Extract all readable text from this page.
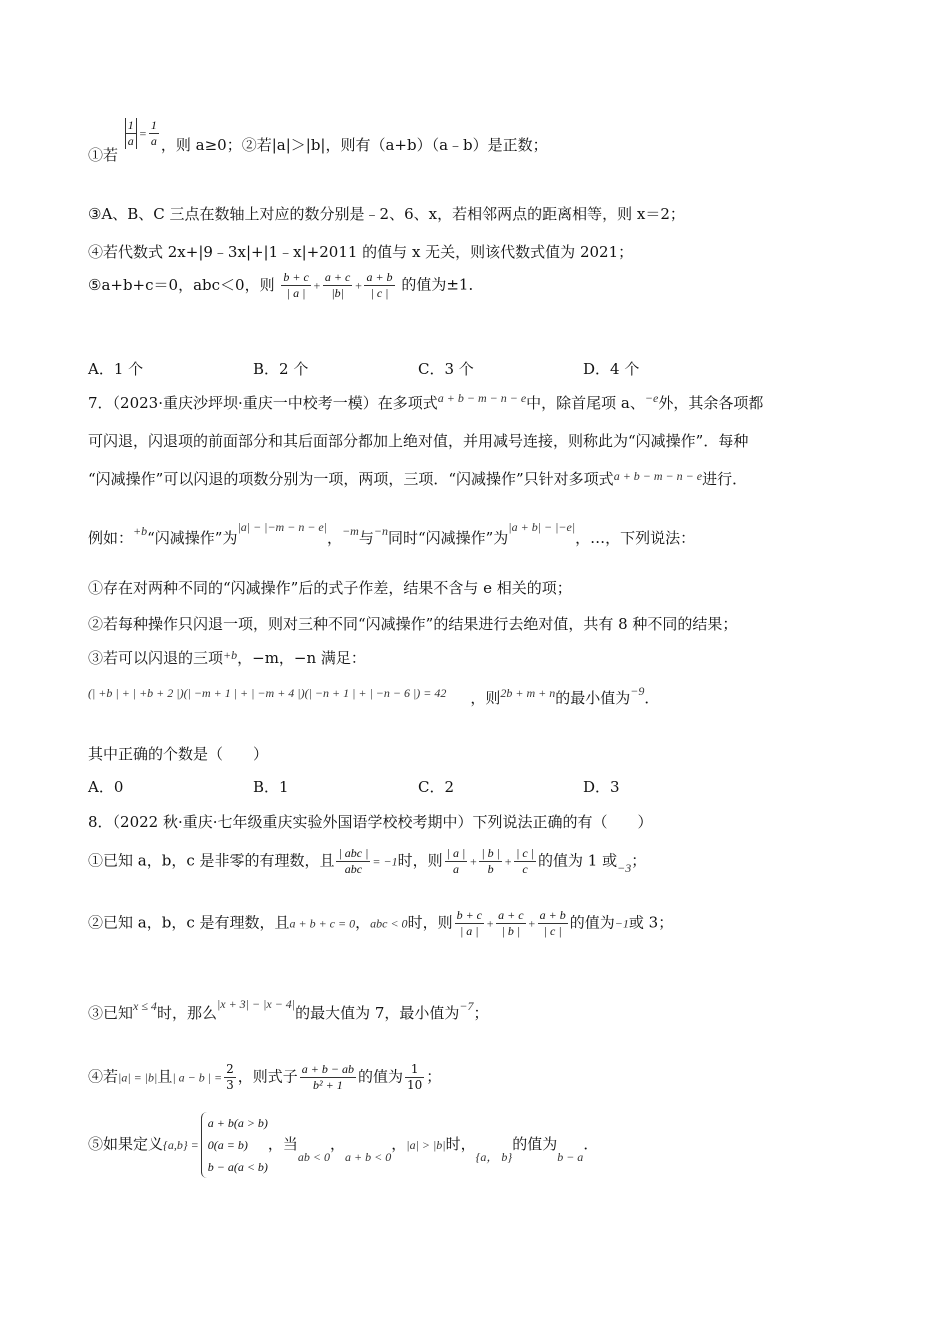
①若
$\frac{1}{a} = \frac{1}{a}$ ，则 a≥0；②若|a|＞|b|，则有（a+b）（a﹣b）是正数；
③A、B、C 三点在数轴上对应的数分别是﹣2、6、x，若相邻两点的距离相等，则 x＝2；
④若代数式 2x+|9﹣3x|+|1﹣x|+2011 的值与 x 无关，则该代数式值为 2021；
⑤a+b+c＝0，abc＜0，则 $\frac{b + c}{| a |} + \frac{a + c}{|b|} + \frac{a + b}{| c |}$ 的值为±1．
A．1 个	B．2 个	C．3 个	D．4 个
7．（2023·重庆沙坪坝·重庆一中校考一模）在多项式$^{a + b - m - n - e}$中，除首尾项 a、$^{-e}$外，其余各项都
可闪退，闪退项的前面部分和其后面部分都加上绝对值，并用减号连接，则称此为“闪减操作”．每种
“闪减操作”可以闪退的项数分别为一项，两项，三项．“闪减操作”只针对多项式$^{a + b - m - n - e}$进行．
例如：$^{+b}$“闪减操作”为$^{|a| - |-m - n - e|}$，$^{-m}$与$^{-n}$同时“闪减操作”为$^{|a + b| - |-e|}$，…，下列说法：
①存在对两种不同的“闪减操作”后的式子作差，结果不含与 e 相关的项；
②若每种操作只闪退一项，则对三种不同“闪减操作”的结果进行去绝对值，共有 8 种不同的结果；
③若可以闪退的三项$^{+b}$，−m，−n 满足：
$^{(| +b | + | +b + 2 |)(| -m + 1 | + | -m + 4 |)(| -n + 1 | + | -n - 6 |) = 42}$ ，则$^{2b + m + n}$的最小值为$^{-9}$．
其中正确的个数是（　　）
A．0	B．1	C．2	D．3
8．（2022 秋·重庆·七年级重庆实验外国语学校校考期中）下列说法正确的有（　　）
①已知 a，b，c 是非零的有理数，且 $\frac{\text{| abc |}}{\text{abc}} = -1$时，则 $\frac{| a |}{a} + \frac{| b |}{b} + \frac{| c |}{c}$ 的值为 1 或$_{-3}$；
②已知 a，b，c 是有理数，且a + b + c = 0，abc < 0时，则 $\frac{b + c}{| a |} + \frac{a + c}{| b |} + \frac{a + b}{| c |}$ 的值为−1或 3；
③已知$^{x \le 4}$时，那么$^{|x + 3| - |x - 4|}$的最大值为 7，最小值为$^{-7}$；
④若|a| = |b|且| a − b | = $\frac{2}{3}$ ，则式子 $\frac{a + b - ab}{\text{b² + 1}}$ 的值为 $\frac{1}{10}$ ；
⑤如果定义{a,b} =
a + b(a > b)
0(a = b)
b − a(a < b)
，当$_{ab < 0}$，$_{a + b < 0}$，|a| > |b|时，$_{\{a, b\}}$的值为$_{b - a}$．
